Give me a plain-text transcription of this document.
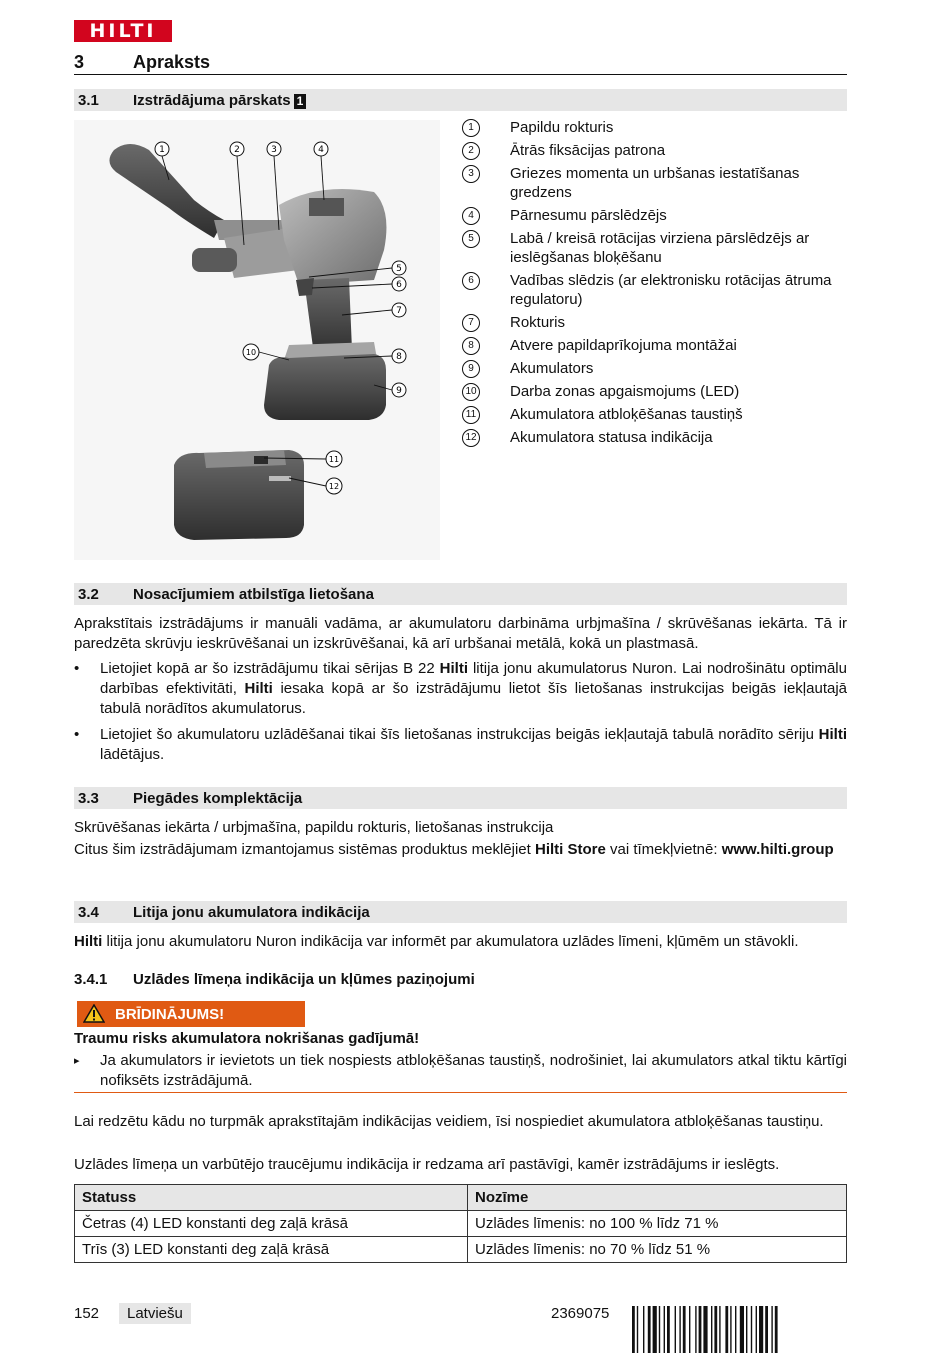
HILTI
3	Apraksts
3.1 Izstrādājuma pārskats 1
1	2	3	4
5
6
7
8
9
10
11
12
1	Papildu rokturis
2	Ātrās fiksācijas patrona
3	Griezes momenta un urbšanas iestatīšanas gredzens
4	Pārnesumu pārslēdzējs
5	Labā / kreisā rotācijas virziena pārslēdzējs ar ieslēgšanas bloķēšanu
6	Vadības slēdzis (ar elektronisku rotācijas ātruma regulatoru)
7	Rokturis
8	Atvere papildaprīkojuma montāžai
9	Akumulators
10 Darba zonas apgaismojums (LED)
11 Akumulatora atbloķēšanas taustiņš
12 Akumulatora statusa indikācija
3.2 Nosacījumiem atbilstīga lietošana
Aprakstītais izstrādājums ir manuāli vadāma, ar akumulatoru darbināma urbjmašīna / skrūvēšanas iekārta. Tā ir paredzēta skrūvju ieskrūvēšanai un izskrūvēšanai, kā arī urbšanai metālā, kokā un plastmasā.
• Lietojiet kopā ar šo izstrādājumu tikai sērijas B 22 Hilti litija jonu akumulatorus Nuron. Lai nodrošinātu optimālu darbības efektivitāti, Hilti iesaka kopā ar šo izstrādājumu lietot šīs lietošanas instrukcijas beigās iekļautajā tabulā norādītos akumulatorus.
• Lietojiet šo akumulatoru uzlādēšanai tikai šīs lietošanas instrukcijas beigās iekļautajā tabulā norādīto sēriju Hilti lādētājus.
3.3 Piegādes komplektācija
Skrūvēšanas iekārta / urbjmašīna, papildu rokturis, lietošanas instrukcija
Citus šim izstrādājumam izmantojamus sistēmas produktus meklējiet Hilti Store vai tīmekļvietnē: www.hilti.group
3.4 Litija jonu akumulatora indikācija
Hilti litija jonu akumulatoru Nuron indikācija var informēt par akumulatora uzlādes līmeni, kļūmēm un stāvokli.
3.4.1 Uzlādes līmeņa indikācija un kļūmes paziņojumi
BRĪDINĀJUMS!
Traumu risks akumulatora nokrišanas gadījumā!
▸ Ja akumulators ir ievietots un tiek nospiests atbloķēšanas taustiņš, nodrošiniet, lai akumulators atkal tiktu kārtīgi nofiksēts izstrādājumā.
Lai redzētu kādu no turpmāk aprakstītajām indikācijas veidiem, īsi nospiediet akumulatora atbloķēšanas taustiņu.
Uzlādes līmeņa un varbūtējo traucējumu indikācija ir redzama arī pastāvīgi, kamēr izstrādājums ir ieslēgts.
Statuss	Nozīme
Četras (4) LED konstanti deg zaļā krāsā	Uzlādes līmenis: no 100 % līdz 71 %
Trīs (3) LED konstanti deg zaļā krāsā	Uzlādes līmenis: no 70 % līdz 51 %
152	Latviešu	2369075
